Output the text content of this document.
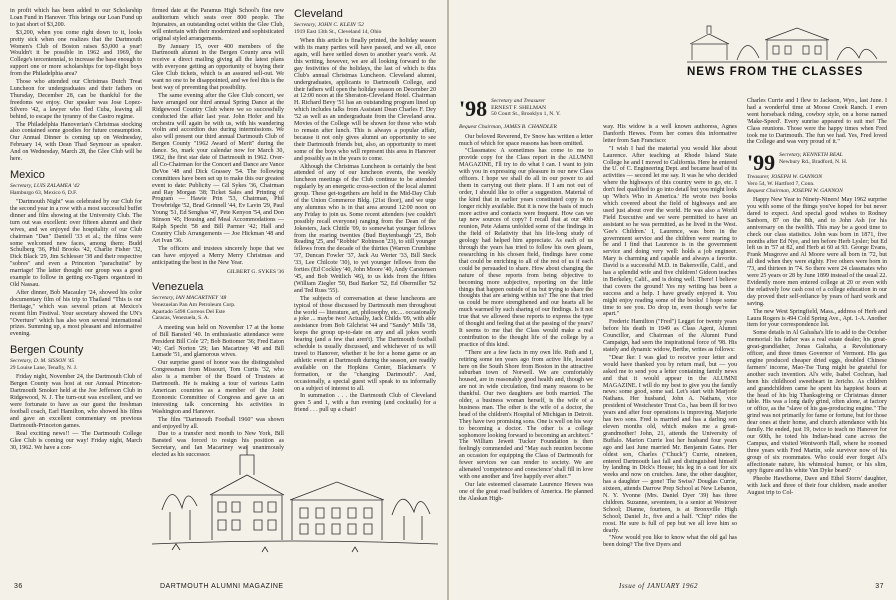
in profit which has been added to our Scholarship Loan Fund in Hanover. This brings our Loan Fund up to just short of $3,200.

$3,200, when you come right down to it, looks pretty sick when one realizes that the Dartmouth Women's Club of Boston raises $3,000 a year! Wouldn't it be possible in 1962 and 1969, the College's tercentennial, to increase the base enough to support one or more scholarships for top-flight boys from the Philadelphia area?

Those who attended our Christmas Dutch Treat Luncheon for undergraduates and their fathers on Thursday, December 28, can be thankful for the freedoms we enjoy. Our speaker was Jose Lopez-Silvero '42, a lawyer who fled Cuba, leaving all behind, to escape the tyranny of the Castro regime.

The Philadelphia Hanoverian's Christmas stocking also contained some goodies for future consumption. Our Annual Dinner is coming up on Wednesday, February 14, with Dean Thad Seymour as speaker. And on Wednesday, March 28, the Glee Club will be here.

Mexico
Secretary, LUIS ZALAMEA '42
Hamburgo 63, Mexico 6, D.F.

"Dartmouth Night" was celebrated by our Club for the second year in a row with a most successful buffet dinner and film showing at the University Club. The turn out was excellent: over fifteen alumni and their wives, and we enjoyed the hospitality of our Club chairman "Dan" Daniell '33 et al.; the films were some welcomed new faces, among them: Budd Schulberg '36, Phil Brooks '42, Charlie Fisher '32, Dick Black '29, Jim Schlesser '38 and their respective "sobres" and even a Princeton "parachutist" by marriage! The latter thought our group was a good example to follow in getting ex-Tigers organized in Old Nassau.

After dinner, Bob Macauley '24, showed his color documentary film of his trip to Thailand "This is our Heritage," which was several prizes at Mexico's recent film Festival. Your secretary showed the UN's "Overture" which has also won several international prizes. Summing up, a most pleasant and informative evening.

Bergen County
Secretary, D. M. SISSON '45
29 Louise Lane, Tenafly, N. J.

Friday night, November 24, the Dartmouth Club of Bergen County was host at our Annual Princeton-Dartmouth Smoker held at the Joe Jefferson Club in Ridgewood, N. J. The turn-out was excellent, and we were fortunate to have as our guest the freshman football coach, Earl Hamilton, who showed his films and gave an excellent commentary on previous Dartmouth-Princeton games.

Real exciting news!! — The Dartmouth College Glee Club is coming our way! Friday night, March 30, 1962. We have a con-

firmed date at the Paramus High School's fine new auditorium which seats over 800 people. The Injunaires, an outstanding octet within the Glee Club, will entertain with their modernized and sophisticated original styled arrangements.

By January 15, over 400 members of the Dartmouth alumni in the Bergen County area will receive a direct mailing giving all the latest plans with everyone getting an opportunity of buying their Glee Club tickets, which is an assured sell-out. We want no one to be disappointed, and we feel this is the best way of preventing that possibility.

The same evening after the Glee Club concert, we have arranged our third annual Spring Dance at the Ridgewood Country Club where we so successfully conducted the affair last year. John Hofer and his orchestra will again be with us, with his wandering violin and accordion duo during intermissions. We also will present our third annual Dartmouth Club of Bergen County "1962 Award of Merit" during the dance. So, mark your calendar now for March 30, 1962, the first star date of Dartmouth in 1962. Over-all Co-Chairman for the Concert and Dance are Vance DeVoe '48 and Dick Grassey '54. The following committees have been set up to make this our greatest event to date: Publicity — Gil Sykes '36, Chairman and Ray Morgan '38; Ticket Sales and Printing of Program — Hawie Prin '53, Chairman, Phil Trowbridge '52, Brad Grinnell '44, Ev Lavin '29, Paul Young '51, Ed Senghas '47, Pete Kenyon '54, and Don Stinson '45; Housing and Meal Accommodations — Ralph Specht '58 and Bill Parmer '42; Hall and Country Club Arrangements — Joe Hickman '48 and Art Ivan '36.

The officers and trustees sincerely hope that we can have enjoyed a Merry Merry Christmas and anticipating the best in the New Year.

GILBERT G. SYKES '36
Venezuela
Secretary, IAN MACARTNEY '48
Venezuelan Pan Am Petroleum Corp.
Apartado 5498 Correos Del Este
Caracas, Venezuela, S. A.

A meeting was held on November 17 at the home of Bill Bansted '40. In enthusiastic attendance were President Bill Cole '27; Bob Bottomer '36; Fred Eaton '40; Carl Norton '29; Ian Macartney '48 and Bill Lamade '51, and glamorous wives.

Our surprise guest of honor was the distinguished Congressman from Missouri, Tom Curtis '32, who also is a member of the Board of Trustees at Dartmouth. He is making a tour of various Latin American countries as a member of the Joint Economic Committee of Congress and gave us an interesting talk concerning his activities in Washington and Hanover.

The film "Dartmouth Football 1960" was shown and enjoyed by all.

Due to a transfer next month to New York, Bill Bansted was forced to resign his position as Secretary, and Ian Macartney was unanimously elected as his successor.

Cleveland
Secretary, JOHN C. KLEIN '52
1919 East 13th St., Cleveland 14, Ohio

When this article is finally printed, the holiday season with its many parties will have passed, and we all, once again, will have settled down to another year's work. At this writing, however, we are all looking forward to the gay festivities of the holidays, the last of which is this Club's annual Christmas Luncheon. Cleveland alumni, undergraduates, applicants to Dartmouth College, and their fathers will open the holiday season on December 20 at 12:00 noon at the Sheraton-Cleveland Hotel. Chairman H. Richard Bevy '51 has an outstanding program lined up which includes talks from Assistant Dean Charles F. Dey '52 as well as an undergraduate from the Cleveland area. Movies of the College will be shown for those who wish to remain after lunch. This is always a popular affair, because it not only gives alumni an opportunity to see their Dartmouth friends but, also, an opportunity to meet some of the boys who will represent this area in Hanover and possibly as in the years to come.

Although the Christmas Luncheon is certainly the best attended of any of our luncheon events, the weekly luncheon meetings of the Club continue to be attended regularly by an energetic cross-section of the local alumni group. These get-togethers are held in the Mid-Day Club of the Union Commerce Bldg. (21st floor), and we urge any alumnus who is in that area around 12:00 noon on any Friday to join us. Some recent attenders (we couldn't possibly recall everyone) ranging from the Dean of the Jokesters, Jack Chittle '09, to somewhat younger fellows from the roaring twenties (Bud Buytenbaugh '25, Bob Reading '25, and "Robbie" Robinson '23), to still younger fellows from the decade of the thirties (Warren Crumbine '37, Duncan Fowler '37, Jack Au Werter '33, Bill Steck '33, Lee Chilcote '30), to yet younger fellows from the forties (Ed Cockley '40, John Moore '40, Andy Carstensen '45, and Bob Wettlich '46), to us kids from the fifties (William Ziegler '50, Bud Barker '52, Ed Obermiller '52 and Ted Russ '55).

The subjects of conversation at these luncheons are typical of those discussed by Dartmouth men throughout the world — literature, art, philosophy, etc.... occasionally a joke ... maybe two! Actually, Jack Childs '09, with able assistance from Bob Gilchrist '44 and "Sandy" Mills '38, keeps the group up-to-date on any and all jokes worth hearing (and a few that aren't). The Dartmouth football schedule is usually discussed, and whichever of us will travel to Hanover, whether it be for a home game or an athletic event at Dartmouth during the season, are readily available on the Hopkins Center, Blackman's V formation, or the "changing Dartmouth". And, occasionally, a special guest will speak to us informally on a subject of interest to all.

In summation . . . the Dartmouth Club of Cleveland goes 5 and 1, with a fun evening (and cocktails) for a friend . . . pull up a chair!

36	DARTMOUTH ALUMNI MAGAZINE
NEWS FROM THE CLASSES
'98 Secretary and Treasurer
ERNEST F. SHELMAN
50 Court St., Brooklyn 1, N. Y.
Bequest Chairman, JAMES B. CHANDLER

Our beloved Reverend, Ev Snow has written a letter much of which for space reasons has been omitted.

"Classmates: A sometimes has come to me to provide copy for the Class report in the ALUMNI MAGAZINE, I'll try to do what I can. I want to join with you in expressing our pleasure in our new Class officers. I hope we shall do all in our power to aid them in carrying out their plans. If I am not out of order, I should like to offer a suggestion. Material of the kind that in earlier years constituted copy is no longer richly available. But it is now the basis of much more active and contacts were frequent. How can we tap new sources of copy? I recall that at our 40th reunion, Pete Adams unfolded some of the findings in the field of Relativity that his life-long study of geology had helped him appreciate. As each of us through the years has tried to follow his own gleam, researching in his chosen field, findings have come that could be enriching to all of the rest of us if each could be persuaded to share. How about changing the nature of these reports from being objective to becoming more subjective, reporting on the little things that happen outside of us but trying to share the thoughts that are arising within us? The one that tried us could be more strengthened and our hearts all be much warmed by such sharing of our findings. Is it not true that we allowed these reports to express the type of thought and feeling that at the passing of the years? It seems to me that the Class would make a real contribution to the thought life of the college by a practice of this kind.

"There are a few facts in my own life. Ruth and I, retiring some ten years ago from active life, located here on the South Shore from Boston in the attractive suburban town of Norwell. We are comfortably housed, are in reasonably good health and, though we are not in wide circulation, find many reasons to be thankful. Our two daughters are both married. The older, a business woman herself, is the wife of a business man. The other is the wife of a doctor, the head of the children's Hospital of Michigan in Detroit. They have two promising sons. One is well on his way to becoming a doctor. The other is a college sophomore looking forward to becoming an architect." The William Jewett Tucker Foundation is then feelingly commended and "May each reunion become an occasion for equipping the Class of Dartmouth for fewer services we can render to society. We are alienated 'competence and conscience' shall fill in love with one another and 'live happily ever after.'"

Our late esteemed classmate Laurence Hewes was one of the great road builders of America. He planned the Alaskan High-

way. His widow is a well known authoress, Agnes Danforth Hewes. From her comes this informative letter from San Francisco:

"I wish I had the material you would like about Laurence. After teaching at Rhode Island State College he and I moved to California. Here he entered the U. of C. Engineering Dept. and became head of its activities — second let me say. It was he who decided where the highways of this country were to go, etc. I don't feel qualified to go into detail but you might look up 'Who's Who in America.' He wrote two books which covered about the field of highways and are used just about over the world. He was also a World Field Executive and we were permitted to have an assistant so he was permitted, as he lived in the West. 'Gee's Children.' I, Laurence, was born in the government service and the children were rearing to be and I find that Laurence is in the government service and doing very well: holds a job engineer. Mary is charming and capable and always a favorite. David is a successful M.D. in Bakersville, Calif., and has a splendid wife and five children! Gideon teaches in Berkeley, Calif., and is doing well. There! I believe that covers the ground! Yes my writing has been a success and a help. I have greatly enjoyed it. You might enjoy reading some of the books! I hope some time to see you. Do drop in, even though we're far apart."

Frederic Hamilton ("Fred") Legget for twenty years before his death in 1949 as Class Agent, Alumni Councillor, and Chairman of the Alumni Fund Campaign, had seen the inspirational force of '98. His stately and dynamic widow, Berthe, writes as follows:

"Dear Ike: I was glad to receive your letter and would have thanked you by return mail, but — you asked me to send you a letter containing family news and that it would appear in the ALUMNI MAGAZINE. I will do my best to give you the family news: some good, some sad. Let's start with Marjorie Nathans. Her husband, John A. Nathans, vice president of Westchester Trust Co., has been ill for two years and after four operations is improving. Marjorie has two sons. Fred is married and has a darling son eleven months old, which makes me a great-grandmother! John, 21, attends the University of Buffalo. Marion Currie lost her husband four years ago and last June married Mr. Benjamin Gates. Her oldest son, Charles ("Chuck") Currie, nineteen, entered Dartmouth last fall and distinguished himself by landing in Dick's House; his leg in a cast for six weeks and now on crutches. Jane, the other daughter, has a daughter — gone! The Swiss? Douglas Currie, sixteen, attends Darrow Prep School at New Lebanon, N. Y. Yvonne (Mrs. Daniel Dyer '39) has three children. Suzanne, seventeen, is a senior at Westover School; Dianne, fourteen, is at Bronxville High School; Daniel Jr., five and a half. "Chip" rides the roost. He sure is full of pep but we all love him so dearly.

"Now would you like to know what the old gal has been doing? The five Dyers and

Charles Currie and I flew to Jackson, Wyo., last June. I had a wonderful time at Moose Creek Ranch. I even went horseback riding, cowboy style, on a horse named 'Make-Speed'. Every sunrise appeared to suit me! The Class reunions. Those were the happy times when Fred took me to Dartmouth. The fun we had. Yes, Fred loved the College and was very proud of it."

'99 Secretary, KENNETH BEAL
Newbury Rd., Bradford, N. H.
Treasurer, JOSEPH W. GANNON
Vero 54, W. Hartford 7, Conn.
Bequest Chairman, JOSEPH W. GANNON

Happy New Year to Ninety-Niners! May 1962 surprise you with some of the things you've hoped for but never dared to expect. And special good wishes to Rodney Sanborn, 87 on the 8th, and to John Ash (or his anniversary on the twelfth. This may be a good time to check our class statistics. John was born in 1871, five months after Ed Nye, and ten before Herb Lysler; but Ed left us in '57 at 82, and Herb at 60 at 93. George Evans, Frank Musgrove and Al Moore were all born in '72, but all died when they were eighty. Five others were born in '73, and thirteen in '74. So there were 24 classmates who were 25 years or 28 by June 1899 instead of the usual 22. Evidently more men entered college at 20 or even with the relatively low cash cost of a college education in our day proved their self-reliance by years of hard work and saving.

The new West Springfield, Mass., address of Herb and Laura Rogers is 494 Cold Spring Ave., Apt. 1-A. Another item for your correspondence list.

Some details in Al Galusha's life to add to the October memorial: his father was a real estate dealer; his great-great-grandfather, Jonas Galusha, a Revolutionary officer, and three times Governor of Vermont. His gas engine produced cheaper dried eggs, doubled Chinese farmers' income, Mao-Tse Tung might be grateful for another such invention. Al's wife, Isabel Cochran, had been his childhood sweetheart in Jericho. As children and grandchildren came he spent his happiest hours at the head of his big Thanksgiving or Christmas dinner table. His was a long daily grind, often alone, at factory or office, as the "slave of his gas-producing engine." The grind was not primarily for fame or fortune, but for those dear ones at their home, and church attendance with his family. He ended, just 19, twice to teach no Hanover for our 60th, he toted his Indian-head cane across the Campus, and visited Wentworth Hall, where he roomed three years with Fred Martin, sole survivor now of his group of six roommates. Who could ever forget Al's affectionate nature, his whimsical humor, or his slim, spry figure and his white Van Dyke beard?

Pheobe Hawthorne, Dave and Ethel Storrs' daughter, with Jack and three of their four children, made another August trip to Col-

Issue of JANUARY 1962	37
